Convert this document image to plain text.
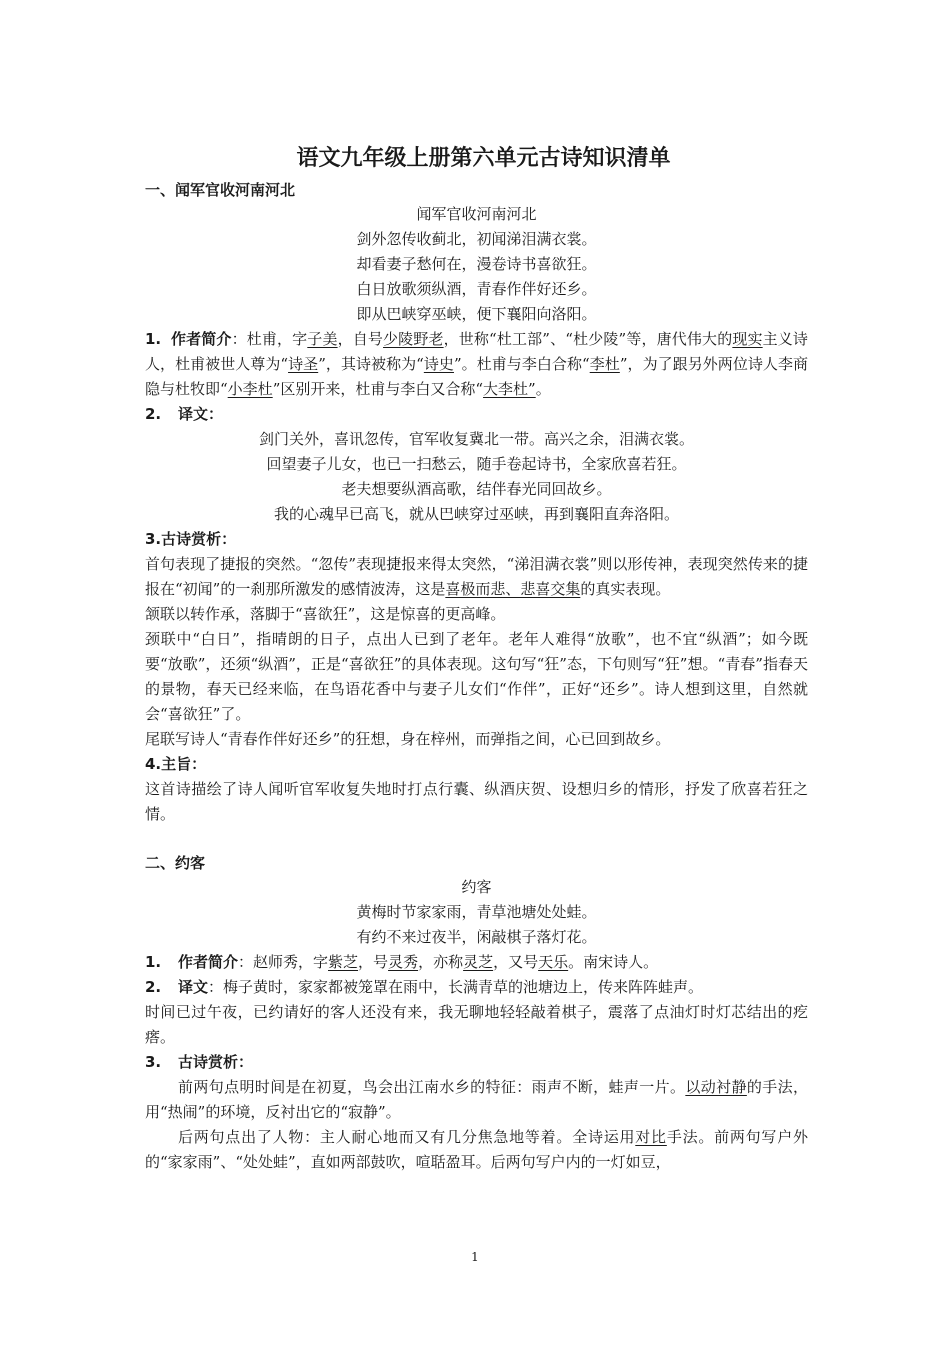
语文九年级上册第六单元古诗知识清单

一、闻军官收河南河北

闻军官收河南河北

剑外忽传收蓟北，初闻涕泪满衣裳。

却看妻子愁何在，漫卷诗书喜欲狂。

白日放歌须纵酒，青春作伴好还乡。

即从巴峡穿巫峡，便下襄阳向洛阳。

1. 作者简介：杜甫，字子美，自号少陵野老，世称“杜工部”、“杜少陵”等，唐代伟大的现实主义诗人，杜甫被世人尊为“诗圣”，其诗被称为“诗史”。杜甫与李白合称“李杜”，为了跟另外两位诗人李商隐与杜牧即“小李杜”区别开来，杜甫与李白又合称“大李杜”。

2. 译文：

剑门关外，喜讯忽传，官军收复冀北一带。高兴之余，泪满衣裳。

回望妻子儿女，也已一扫愁云，随手卷起诗书，全家欣喜若狂。

老夫想要纵酒高歌，结伴春光同回故乡。

我的心魂早已高飞，就从巴峡穿过巫峡，再到襄阳直奔洛阳。

3.古诗赏析：

首句表现了捷报的突然。“忽传”表现捷报来得太突然，“涕泪满衣裳”则以形传神，表现突然传来的捷报在“初闻”的一刹那所激发的感情波涛，这是喜极而悲、悲喜交集的真实表现。

颔联以转作承，落脚于“喜欲狂”，这是惊喜的更高峰。

颈联中“白日”，指晴朗的日子，点出人已到了老年。老年人难得“放歌”，也不宜“纵酒”；如今既要“放歌”，还须“纵酒”，正是“喜欲狂”的具体表现。这句写“狂”态，下句则写“狂”想。“青春”指春天的景物，春天已经来临，在鸟语花香中与妻子儿女们“作伴”，正好“还乡”。诗人想到这里，自然就会“喜欲狂”了。

尾联写诗人“青春作伴好还乡”的狂想，身在梓州，而弹指之间，心已回到故乡。

4.主旨：

这首诗描绘了诗人闻听官军收复失地时打点行囊、纵酒庆贺、设想归乡的情形，抒发了欣喜若狂之情。

二、约客

约客

黄梅时节家家雨，青草池塘处处蛙。

有约不来过夜半，闲敲棋子落灯花。

1. 作者简介：赵师秀，字紫芝，号灵秀，亦称灵芝，又号天乐。南宋诗人。

2. 译文：梅子黄时，家家都被笼罩在雨中，长满青草的池塘边上，传来阵阵蛙声。

时间已过午夜，已约请好的客人还没有来，我无聊地轻轻敲着棋子，震落了点油灯时灯芯结出的疙瘩。

3. 古诗赏析：

前两句点明时间是在初夏，鸟会出江南水乡的特征：雨声不断，蛙声一片。以动衬静的手法，用“热闹”的环境，反衬出它的“寂静”。

后两句点出了人物：主人耐心地而又有几分焦急地等着。全诗运用对比手法。前两句写户外的“家家雨”、“处处蛙”，直如两部鼓吹，喧聒盈耳。后两句写户内的一灯如豆，

1
